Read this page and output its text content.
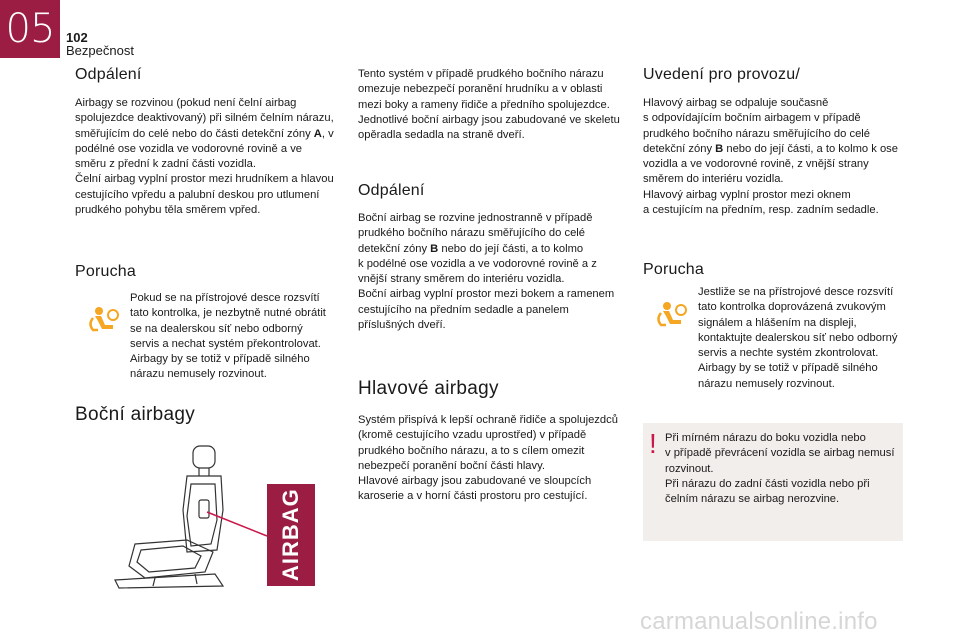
05 102
Bezpečnost
Odpálení

Airbagy se rozvinou (pokud není čelní airbag
spolujezdce deaktivovaný) při silném čelním nárazu,
směřujícím do celé nebo do části detekční zóny A, v podélné ose vozidla ve vodorovné rovině a ve
směru z přední k zadní části vozidla.
Čelní airbag vyplní prostor mezi hrudníkem a hlavou
cestujícího vpředu a palubní deskou pro utlumení
prudkého pohybu těla směrem vpřed.

Porucha

Pokud se na přístrojové desce rozsvítí
tato kontrolka, je nezbytně nutné obrátit
se na dealerskou síť nebo odborný
servis a nechat systém překontrolovat.
Airbagy by se totiž v případě silného
nárazu nemusely rozvinout.

Boční airbagy
AIRBAG

Tento systém v případě prudkého bočního nárazu
omezuje nebezpečí poranění hrudníku a v oblasti
mezi boky a rameny řidiče a předního spolujezdce.
Jednotlivé boční airbagy jsou zabudované ve skeletu
opěradla sedadla na straně dveří.

Odpálení

Boční airbag se rozvine jednostranně v případě
prudkého bočního nárazu směřujícího do celé
detekční zóny B nebo do její části, a to kolmo
k podélné ose vozidla a ve vodorovné rovině a z
vnější strany směrem do interiéru vozidla.
Boční airbag vyplní prostor mezi bokem a ramenem
cestujícího na předním sedadle a panelem
příslušných dveří.

Hlavové airbagy

Systém přispívá k lepší ochraně řidiče a spolujezdců
(kromě cestujícího vzadu uprostřed) v případě
prudkého bočního nárazu, a to s cílem omezit
nebezpečí poranění boční části hlavy.
Hlavové airbagy jsou zabudované ve sloupcích
karoserie a v horní části prostoru pro cestující.

Uvedení pro provozu/

Hlavový airbag se odpaluje současně
s odpovídajícím bočním airbagem v případě
prudkého bočního nárazu směřujícího do celé
detekční zóny B nebo do její části, a to kolmo k ose
vozidla a ve vodorovné rovině, z vnější strany
směrem do interiéru vozidla.
Hlavový airbag vyplní prostor mezi oknem
a cestujícím na předním, resp. zadním sedadle.

Porucha

Jestliže se na přístrojové desce rozsvítí
tato kontrolka doprovázená zvukovým
signálem a hlášením na displeji,
kontaktujte dealerskou síť nebo odborný
servis a nechte systém zkontrolovat.
Airbagy by se totiž v případě silného
nárazu nemusely rozvinout.

! Při mírném nárazu do boku vozidla nebo
v případě převrácení vozidla se airbag nemusí
rozvinout.
Při nárazu do zadní části vozidla nebo při
čelním nárazu se airbag nerozvine.

carmanualsonline.info
